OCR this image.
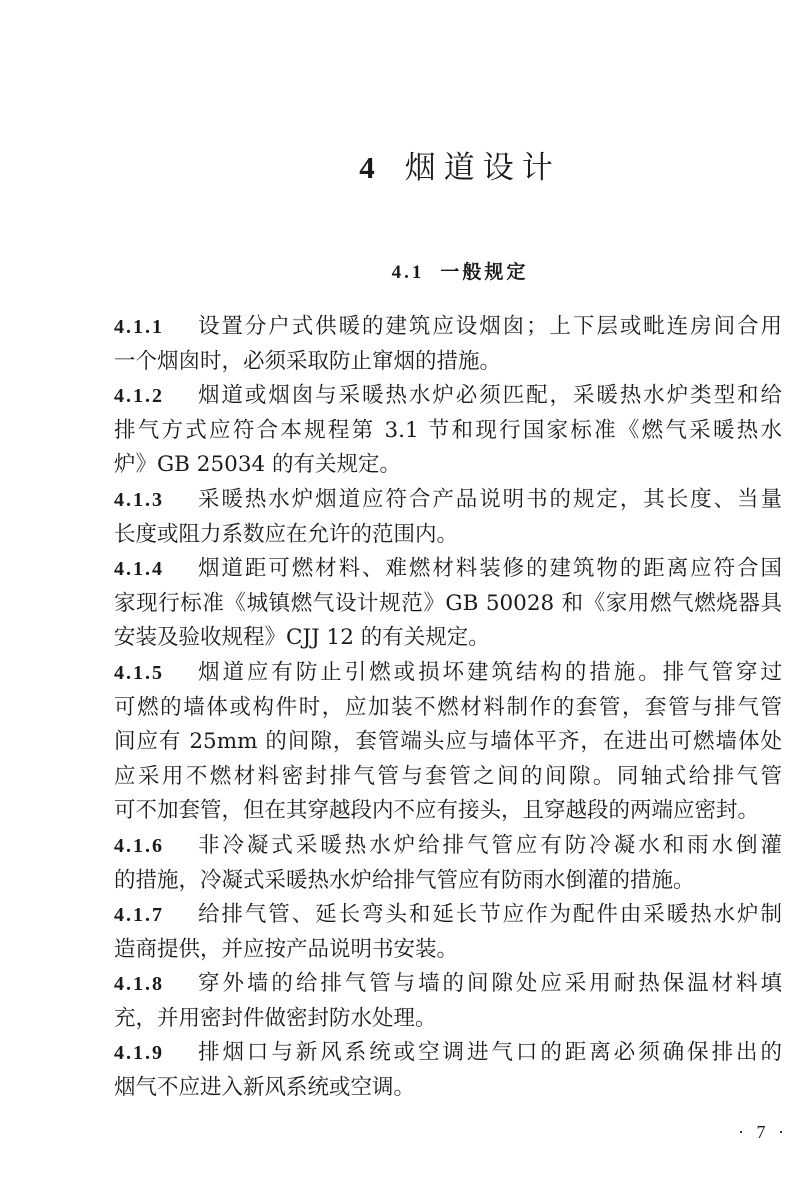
4 烟道设计
4.1 一般规定
4.1.1 设置分户式供暖的建筑应设烟囱；上下层或毗连房间合用
一个烟囱时，必须采取防止窜烟的措施。
4.1.2 烟道或烟囱与采暖热水炉必须匹配，采暖热水炉类型和给
排气方式应符合本规程第 3.1 节和现行国家标准《燃气采暖热水
炉》GB 25034 的有关规定。
4.1.3 采暖热水炉烟道应符合产品说明书的规定，其长度、当量
长度或阻力系数应在允许的范围内。
4.1.4 烟道距可燃材料、难燃材料装修的建筑物的距离应符合国
家现行标准《城镇燃气设计规范》GB 50028 和《家用燃气燃烧器具
安装及验收规程》CJJ 12 的有关规定。
4.1.5 烟道应有防止引燃或损坏建筑结构的措施。排气管穿过
可燃的墙体或构件时，应加装不燃材料制作的套管，套管与排气管
间应有 25mm 的间隙，套管端头应与墙体平齐，在进出可燃墙体处
应采用不燃材料密封排气管与套管之间的间隙。同轴式给排气管
可不加套管，但在其穿越段内不应有接头，且穿越段的两端应密封。
4.1.6 非冷凝式采暖热水炉给排气管应有防冷凝水和雨水倒灌
的措施，冷凝式采暖热水炉给排气管应有防雨水倒灌的措施。
4.1.7 给排气管、延长弯头和延长节应作为配件由采暖热水炉制
造商提供，并应按产品说明书安装。
4.1.8 穿外墙的给排气管与墙的间隙处应采用耐热保温材料填
充，并用密封件做密封防水处理。
4.1.9 排烟口与新风系统或空调进气口的距离必须确保排出的
烟气不应进入新风系统或空调。
· 7 ·
